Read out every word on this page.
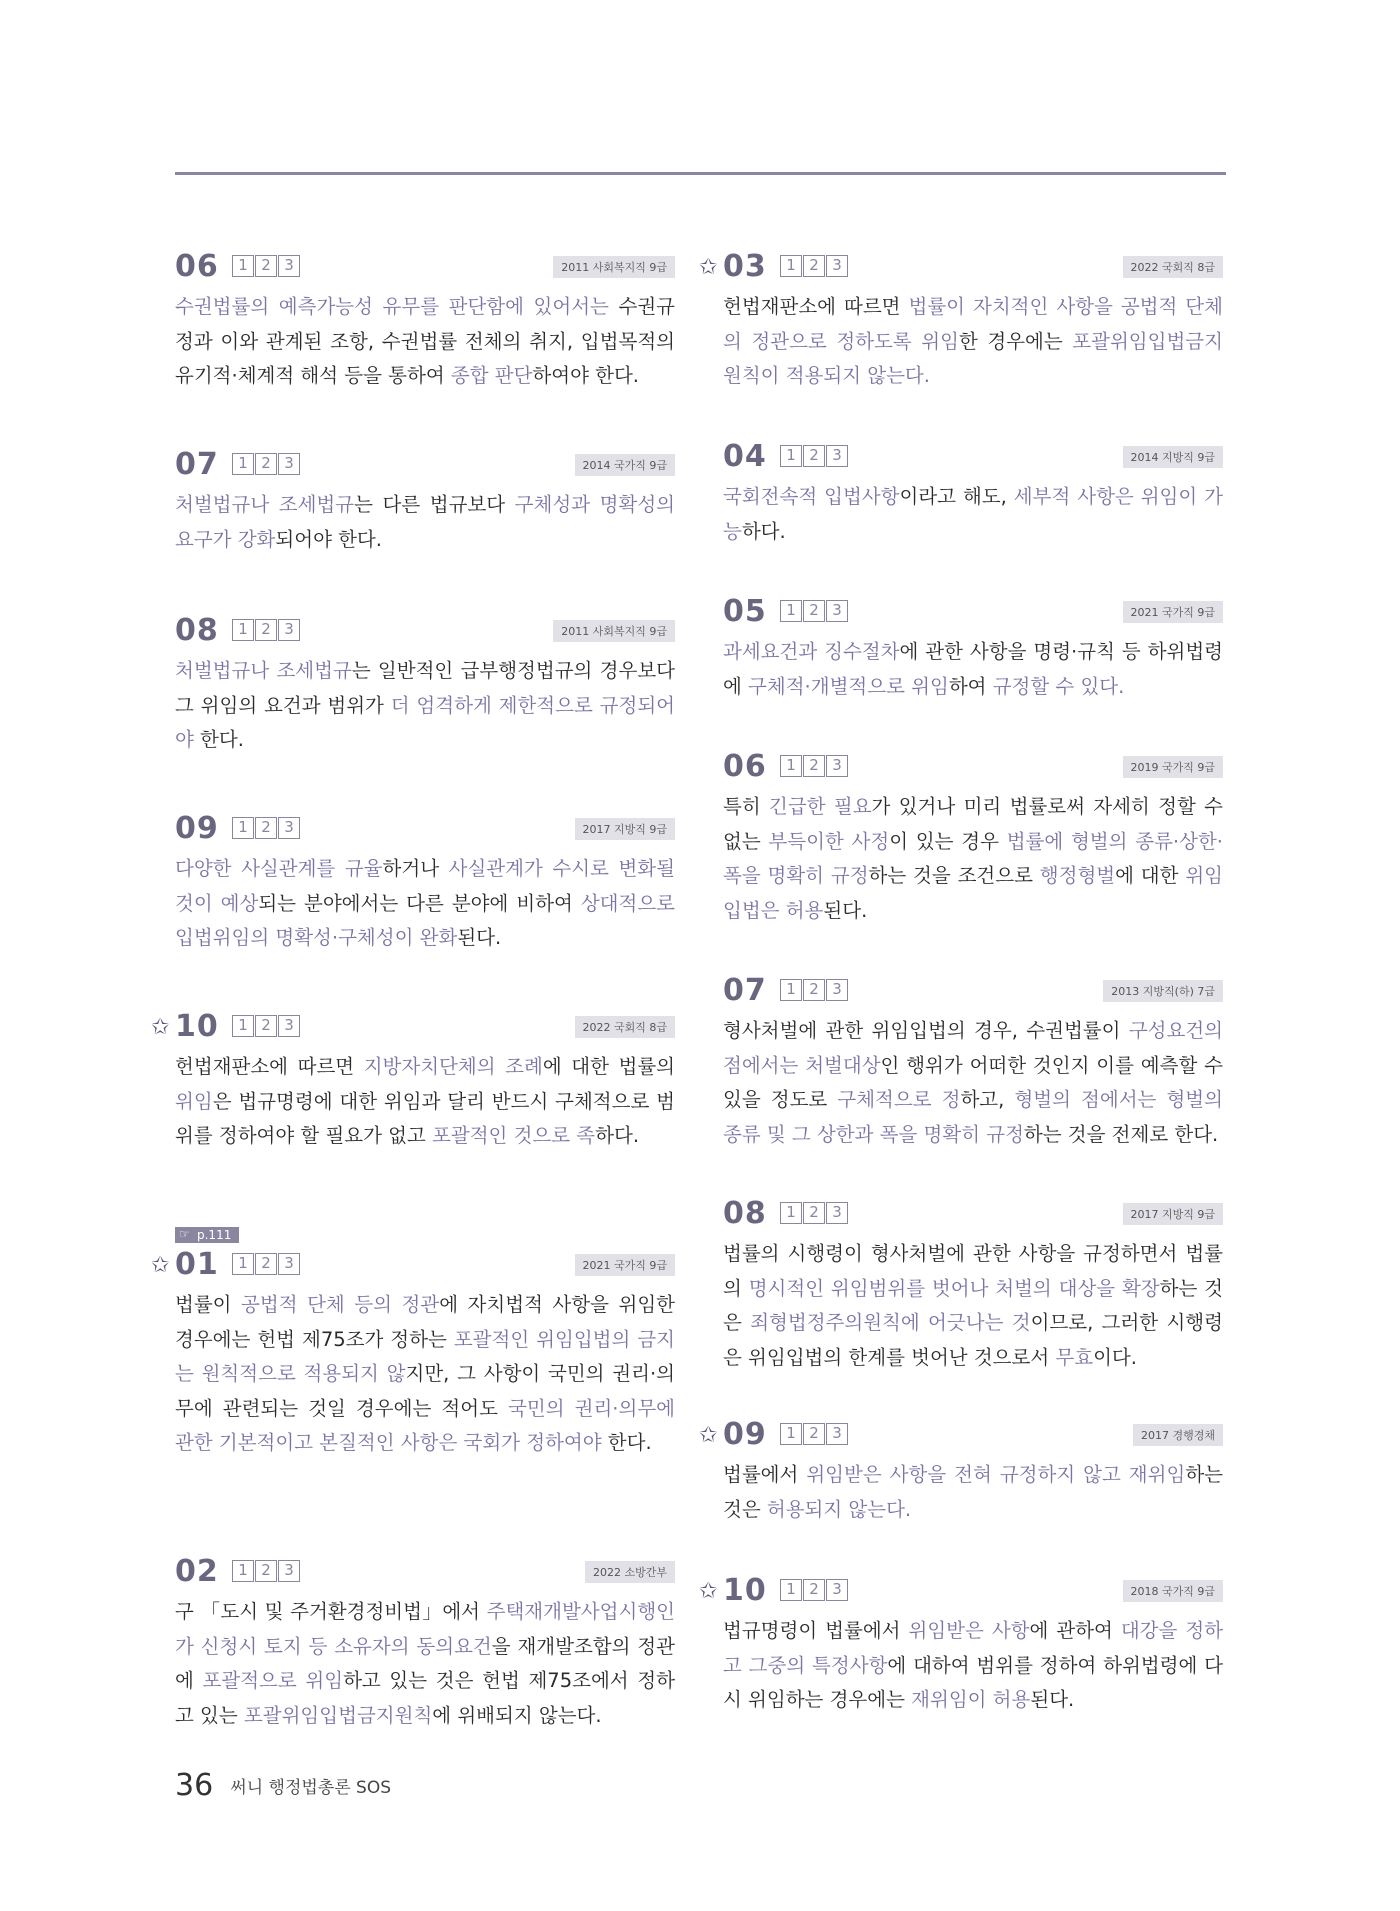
06	1 2 3	2011 사회복지직 9급
수권법률의 예측가능성 유무를 판단함에 있어서는 수권규정과 이와 관계된 조항, 수권법률 전체의 취지, 입법목적의 유기적·체계적 해석 등을 통하여 종합 판단하여야 한다.
07	1 2 3	2014 국가직 9급
처벌법규나 조세법규는 다른 법규보다 구체성과 명확성의 요구가 강화되어야 한다.
08	1 2 3	2011 사회복지직 9급
처벌법규나 조세법규는 일반적인 급부행정법규의 경우보다 그 위임의 요건과 범위가 더 엄격하게 제한적으로 규정되어야 한다.
09	1 2 3	2017 지방직 9급
다양한 사실관계를 규율하거나 사실관계가 수시로 변화될 것이 예상되는 분야에서는 다른 분야에 비하여 상대적으로 입법위임의 명확성·구체성이 완화된다.
✩ 10	1 2 3	2022 국회직 8급
헌법재판소에 따르면 지방자치단체의 조례에 대한 법률의 위임은 법규명령에 대한 위임과 달리 반드시 구체적으로 범위를 정하여야 할 필요가 없고 포괄적인 것으로 족하다.
✩ 01	1 2 3	2021 국가직 9급
법률이 공법적 단체 등의 정관에 자치법적 사항을 위임한 경우에는 헌법 제75조가 정하는 포괄적인 위임입법의 금지는 원칙적으로 적용되지 않지만, 그 사항이 국민의 권리·의무에 관련되는 것일 경우에는 적어도 국민의 권리·의무에 관한 기본적이고 본질적인 사항은 국회가 정하여야 한다.
02	1 2 3	2022 소방간부
구 「도시 및 주거환경정비법」에서 주택재개발사업시행인가 신청시 토지 등 소유자의 동의요건을 재개발조합의 정관에 포괄적으로 위임하고 있는 것은 헌법 제75조에서 정하고 있는 포괄위임입법금지원칙에 위배되지 않는다.
✩ 03	1 2 3	2022 국회직 8급
헌법재판소에 따르면 법률이 자치적인 사항을 공법적 단체의 정관으로 정하도록 위임한 경우에는 포괄위임입법금지원칙이 적용되지 않는다.
04	1 2 3	2014 지방직 9급
국회전속적 입법사항이라고 해도, 세부적 사항은 위임이 가능하다.
05	1 2 3	2021 국가직 9급
과세요건과 징수절차에 관한 사항을 명령·규칙 등 하위법령에 구체적·개별적으로 위임하여 규정할 수 있다.
06	1 2 3	2019 국가직 9급
특히 긴급한 필요가 있거나 미리 법률로써 자세히 정할 수 없는 부득이한 사정이 있는 경우 법률에 형벌의 종류·상한·폭을 명확히 규정하는 것을 조건으로 행정형벌에 대한 위임입법은 허용된다.
07	1 2 3	2013 지방직(하) 7급
형사처벌에 관한 위임입법의 경우, 수권법률이 구성요건의 점에서는 처벌대상인 행위가 어떠한 것인지 이를 예측할 수 있을 정도로 구체적으로 정하고, 형벌의 점에서는 형벌의 종류 및 그 상한과 폭을 명확히 규정하는 것을 전제로 한다.
08	1 2 3	2017 지방직 9급
법률의 시행령이 형사처벌에 관한 사항을 규정하면서 법률의 명시적인 위임범위를 벗어나 처벌의 대상을 확장하는 것은 죄형법정주의원칙에 어긋나는 것이므로, 그러한 시행령은 위임입법의 한계를 벗어난 것으로서 무효이다.
✩ 09	1 2 3	2017 경행경채
법률에서 위임받은 사항을 전혀 규정하지 않고 재위임하는 것은 허용되지 않는다.
✩ 10	1 2 3	2018 국가직 9급
법규명령이 법률에서 위임받은 사항에 관하여 대강을 정하고 그중의 특정사항에 대하여 범위를 정하여 하위법령에 다시 위임하는 경우에는 재위임이 허용된다.
☞ p.111
36 써니 행정법총론 SOS
